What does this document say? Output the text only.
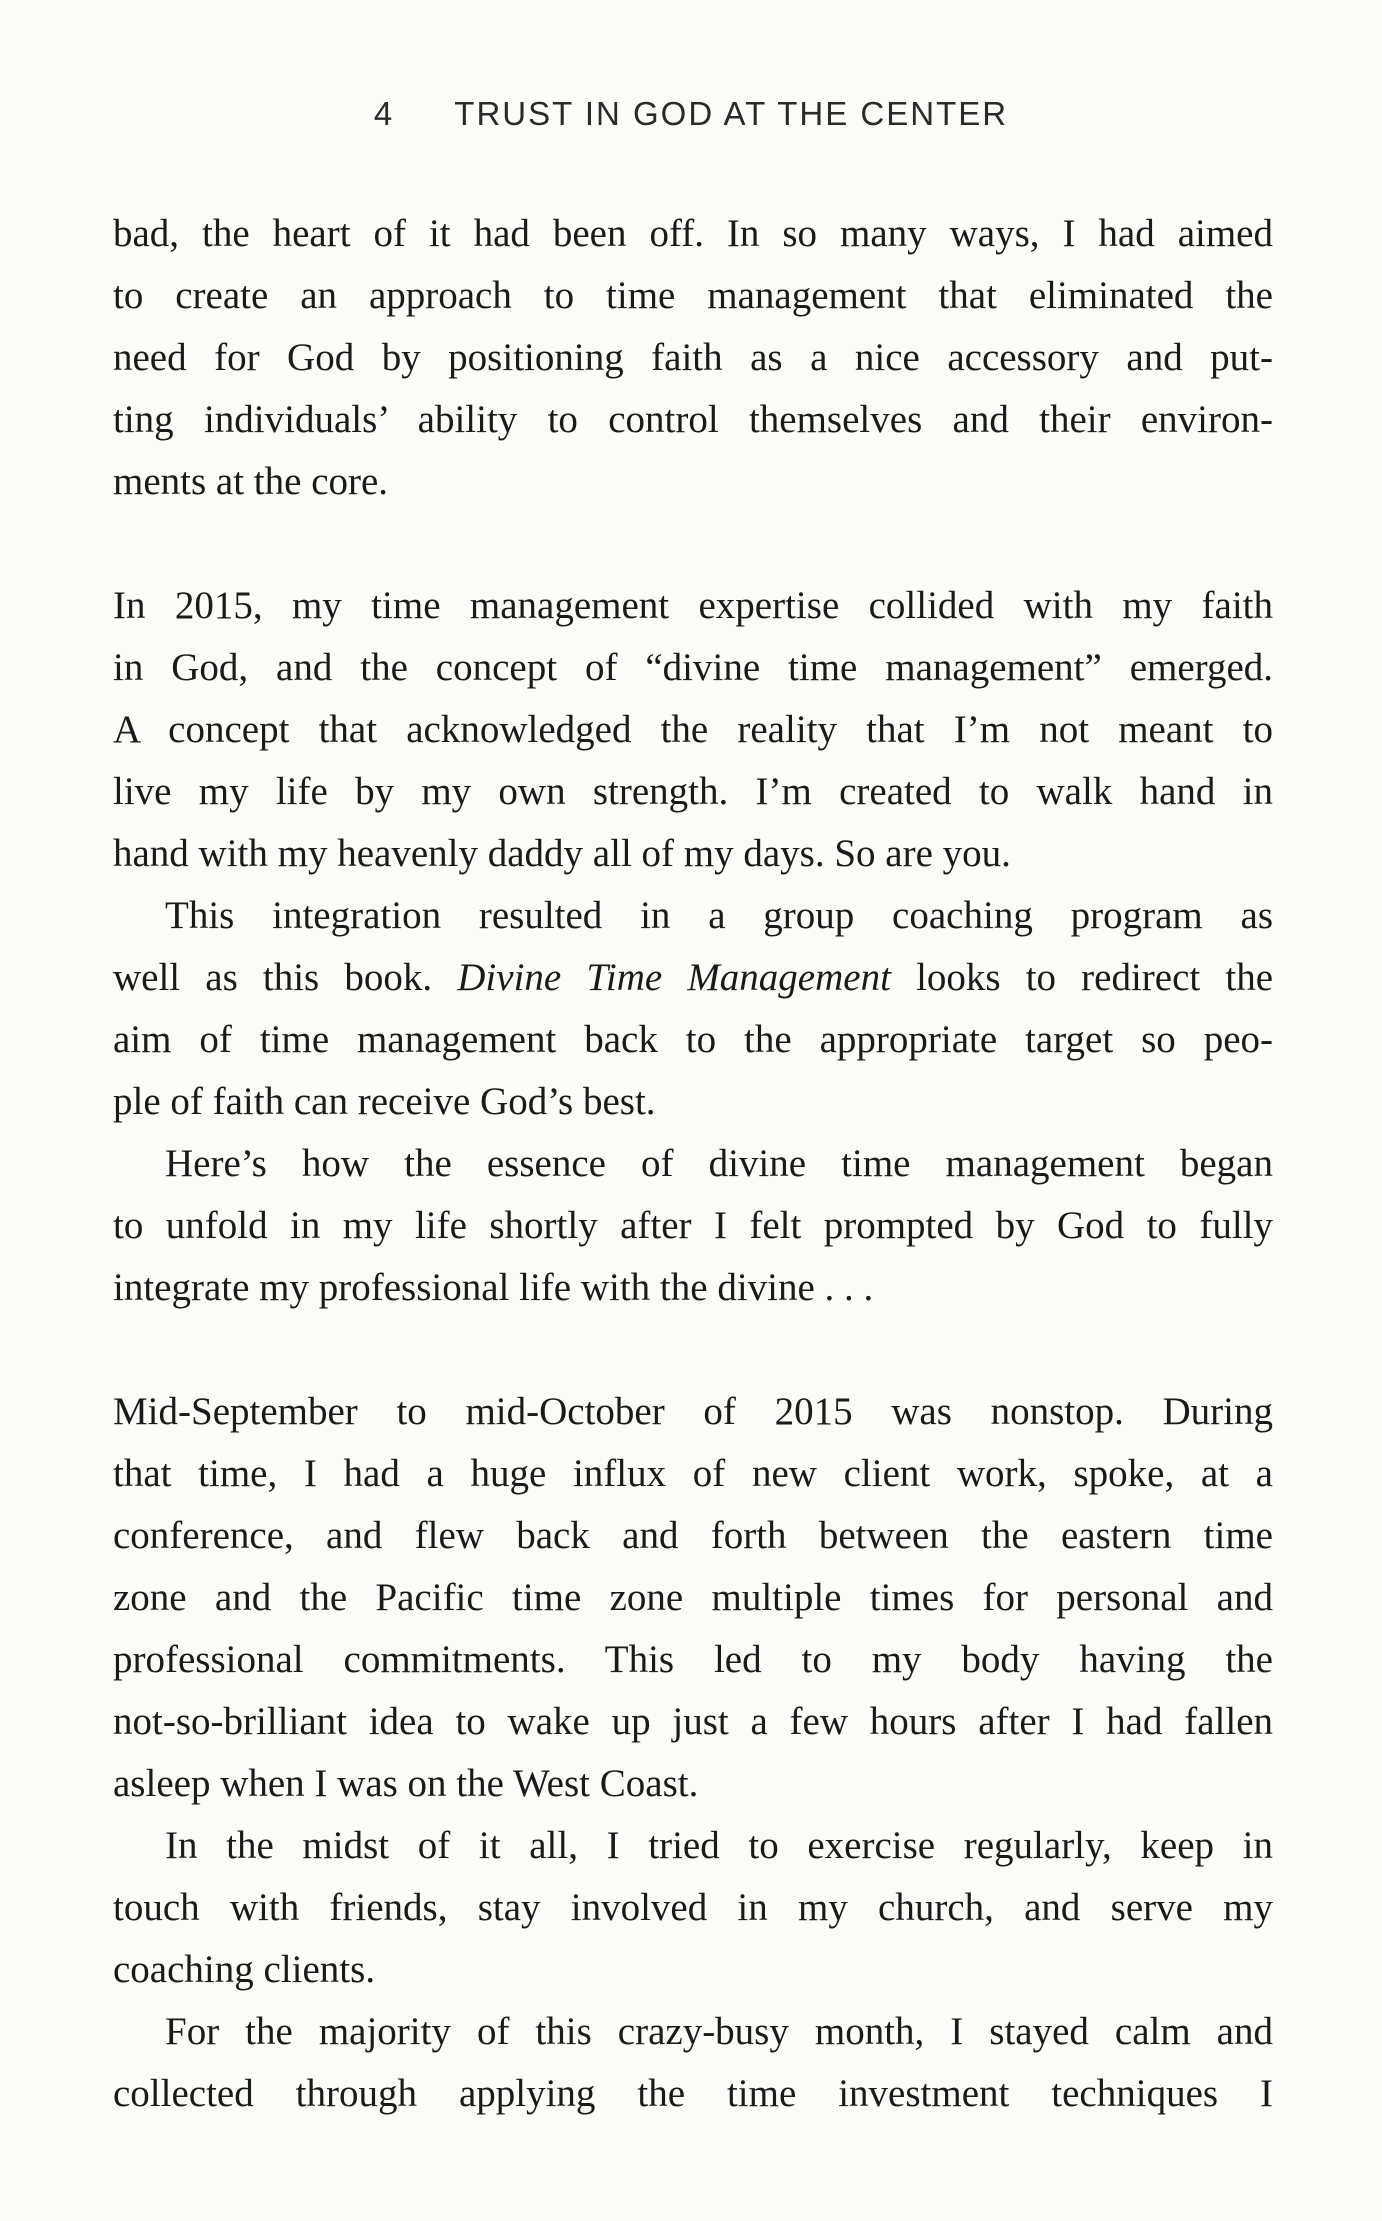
4 TRUST IN GOD AT THE CENTER
bad, the heart of it had been off. In so many ways, I had aimed
to create an approach to time management that eliminated the
need for God by positioning faith as a nice accessory and put-
ting individuals’ ability to control themselves and their environ-
ments at the core.
In 2015, my time management expertise collided with my faith
in God, and the concept of “divine time management” emerged.
A concept that acknowledged the reality that I’m not meant to
live my life by my own strength. I’m created to walk hand in
hand with my heavenly daddy all of my days. So are you.
This integration resulted in a group coaching program as
well as this book. Divine Time Management looks to redirect the
aim of time management back to the appropriate target so peo-
ple of faith can receive God’s best.
Here’s how the essence of divine time management began
to unfold in my life shortly after I felt prompted by God to fully
integrate my professional life with the divine . . .
Mid-September to mid-October of 2015 was nonstop. During
that time, I had a huge influx of new client work, spoke, at a
conference, and flew back and forth between the eastern time
zone and the Pacific time zone multiple times for personal and
professional commitments. This led to my body having the
not-so-brilliant idea to wake up just a few hours after I had fallen
asleep when I was on the West Coast.
In the midst of it all, I tried to exercise regularly, keep in
touch with friends, stay involved in my church, and serve my
coaching clients.
For the majority of this crazy-busy month, I stayed calm and
collected through applying the time investment techniques I
